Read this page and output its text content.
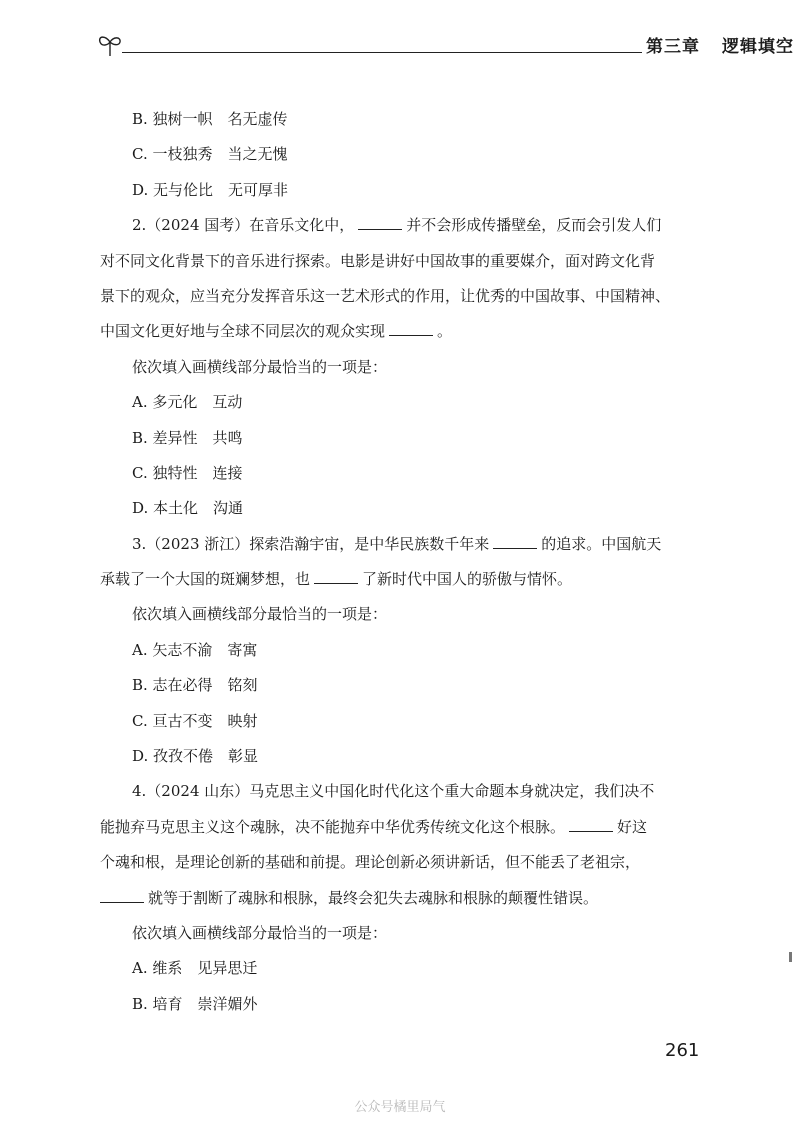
第三章 逻辑填空
B. 独树一帜　名无虚传
C. 一枝独秀　当之无愧
D. 无与伦比　无可厚非
2.（2024 国考）在音乐文化中，	并不会形成传播壁垒，反而会引发人们
对不同文化背景下的音乐进行探索。电影是讲好中国故事的重要媒介，面对跨文化背
景下的观众，应当充分发挥音乐这一艺术形式的作用，让优秀的中国故事、中国精神、
中国文化更好地与全球不同层次的观众实现	。
依次填入画横线部分最恰当的一项是：
A. 多元化　互动
B. 差异性　共鸣
C. 独特性　连接
D. 本土化　沟通
3.（2023 浙江）探索浩瀚宇宙，是中华民族数千年来	的追求。中国航天
承载了一个大国的斑斓梦想，也	了新时代中国人的骄傲与情怀。
依次填入画横线部分最恰当的一项是：
A. 矢志不渝　寄寓
B. 志在必得　铭刻
C. 亘古不变　映射
D. 孜孜不倦　彰显
4.（2024 山东）马克思主义中国化时代化这个重大命题本身就决定，我们决不
能抛弃马克思主义这个魂脉，决不能抛弃中华优秀传统文化这个根脉。	好这
个魂和根，是理论创新的基础和前提。理论创新必须讲新话，但不能丢了老祖宗，
就等于割断了魂脉和根脉，最终会犯失去魂脉和根脉的颠覆性错误。
依次填入画横线部分最恰当的一项是：
A. 维系　见异思迁
B. 培育　崇洋媚外
261
公众号橘里局气
